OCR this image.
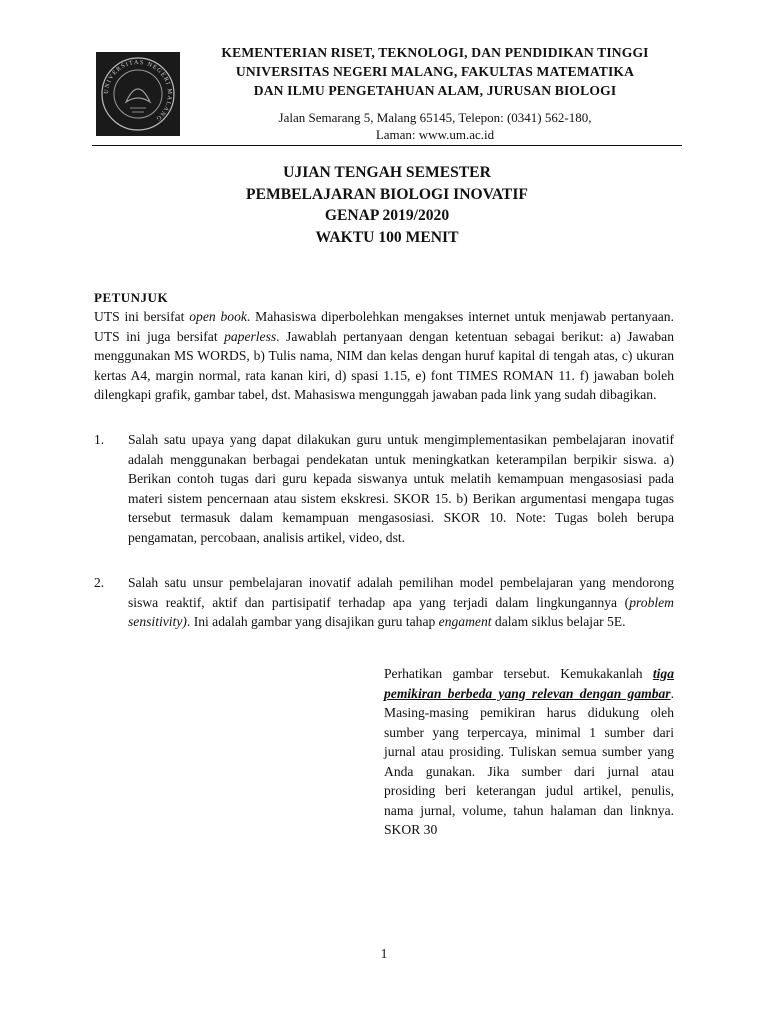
UNIVERSITAS NEGERI MALANG
KEMENTERIAN RISET, TEKNOLOGI, DAN PENDIDIKAN TINGGI
UNIVERSITAS NEGERI MALANG, FAKULTAS MATEMATIKA
DAN ILMU PENGETAHUAN ALAM, JURUSAN BIOLOGI
Jalan Semarang 5, Malang 65145, Telepon: (0341) 562-180,
Laman: www.um.ac.id
UJIAN TENGAH SEMESTER
PEMBELAJARAN BIOLOGI INOVATIF
GENAP 2019/2020
WAKTU 100 MENIT
PETUNJUK

UTS ini bersifat open book. Mahasiswa diperbolehkan mengakses internet untuk menjawab pertanyaan. UTS ini juga bersifat paperless. Jawablah pertanyaan dengan ketentuan sebagai berikut: a) Jawaban menggunakan MS WORDS, b) Tulis nama, NIM dan kelas dengan huruf kapital di tengah atas, c) ukuran kertas A4, margin normal, rata kanan kiri, d) spasi 1.15, e) font TIMES ROMAN 11. f) jawaban boleh dilengkapi grafik, gambar tabel, dst. Mahasiswa mengunggah jawaban pada link yang sudah dibagikan.

1. Salah satu upaya yang dapat dilakukan guru untuk mengimplementasikan pembelajaran inovatif adalah menggunakan berbagai pendekatan untuk meningkatkan keterampilan berpikir siswa. a) Berikan contoh tugas dari guru kepada siswanya untuk melatih kemampuan mengasosiasi pada materi sistem pencernaan atau sistem ekskresi. SKOR 15. b) Berikan argumentasi mengapa tugas tersebut termasuk dalam kemampuan mengasosiasi. SKOR 10. Note: Tugas boleh berupa pengamatan, percobaan, analisis artikel, video, dst.

2. Salah satu unsur pembelajaran inovatif adalah pemilihan model pembelajaran yang mendorong siswa reaktif, aktif dan partisipatif terhadap apa yang terjadi dalam lingkungannya (problem sensitivity). Ini adalah gambar yang disajikan guru tahap engament dalam siklus belajar 5E.

Perhatikan gambar tersebut. Kemukakanlah tiga pemikiran berbeda yang relevan dengan gambar. Masing-masing pemikiran harus didukung oleh sumber yang terpercaya, minimal 1 sumber dari jurnal atau prosiding. Tuliskan semua sumber yang Anda gunakan. Jika sumber dari jurnal atau prosiding beri keterangan judul artikel, penulis, nama jurnal, volume, tahun halaman dan linknya. SKOR 30

1
